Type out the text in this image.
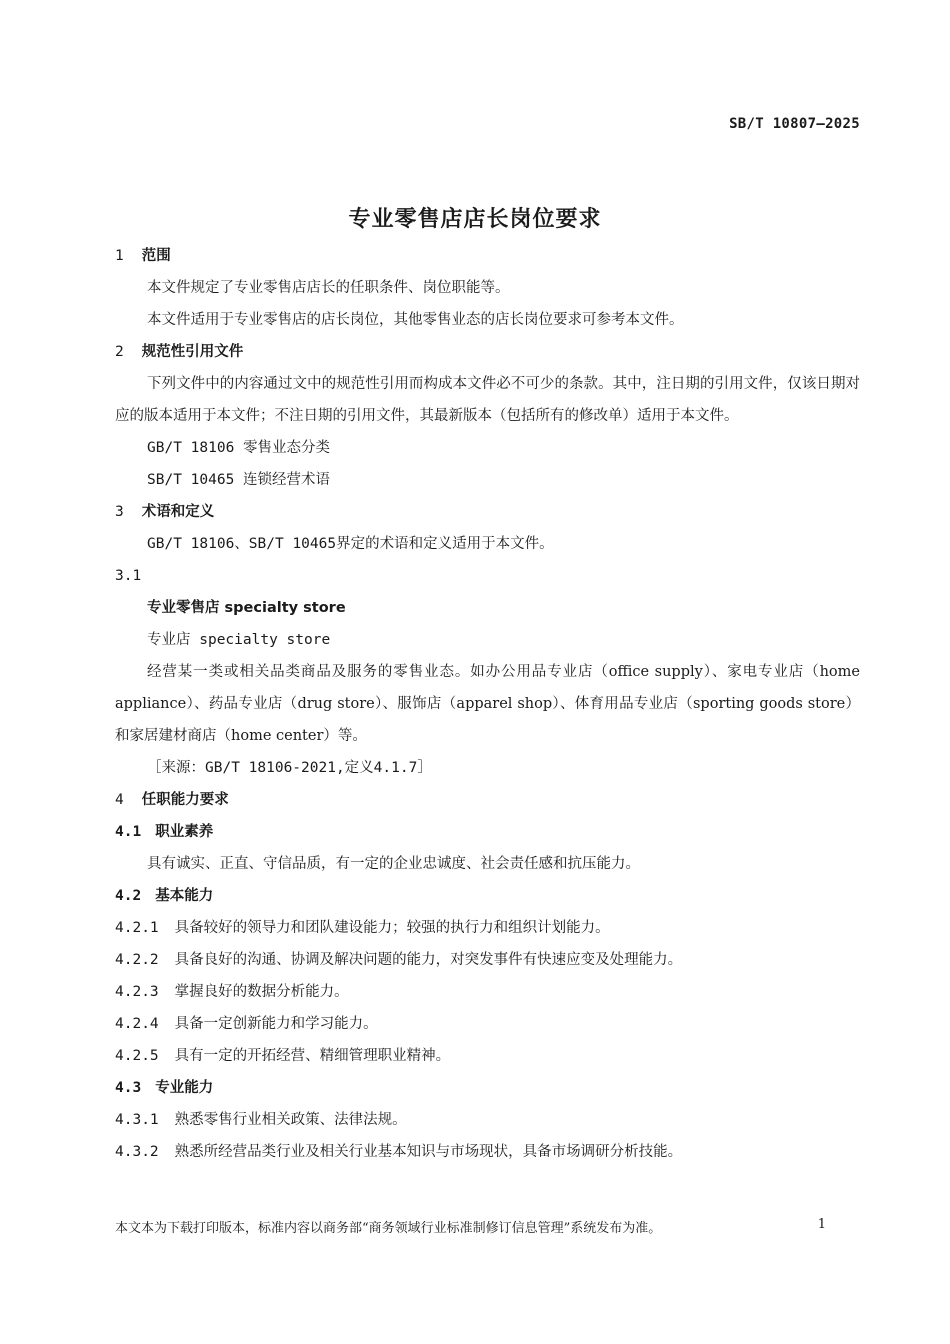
SB/T 10807—2025
专业零售店店长岗位要求
1 范围
本文件规定了专业零售店店长的任职条件、岗位职能等。
本文件适用于专业零售店的店长岗位，其他零售业态的店长岗位要求可参考本文件。
2 规范性引用文件
下列文件中的内容通过文中的规范性引用而构成本文件必不可少的条款。其中，注日期的引用文件，仅该日期对应的版本适用于本文件；不注日期的引用文件，其最新版本（包括所有的修改单）适用于本文件。
GB/T 18106 零售业态分类
SB/T 10465 连锁经营术语
3 术语和定义
GB/T 18106、SB/T 10465界定的术语和定义适用于本文件。
3.1
专业零售店 specialty store
专业店 specialty store
经营某一类或相关品类商品及服务的零售业态。如办公用品专业店（office supply）、家电专业店（home appliance）、药品专业店（drug store）、服饰店（apparel shop）、体育用品专业店（sporting goods store）和家居建材商店（home center）等。
［来源：GB/T 18106-2021,定义4.1.7］
4 任职能力要求
4.1 职业素养
具有诚实、正直、守信品质，有一定的企业忠诚度、社会责任感和抗压能力。
4.2 基本能力
4.2.1 具备较好的领导力和团队建设能力；较强的执行力和组织计划能力。
4.2.2 具备良好的沟通、协调及解决问题的能力，对突发事件有快速应变及处理能力。
4.2.3 掌握良好的数据分析能力。
4.2.4 具备一定创新能力和学习能力。
4.2.5 具有一定的开拓经营、精细管理职业精神。
4.3 专业能力
4.3.1 熟悉零售行业相关政策、法律法规。
4.3.2 熟悉所经营品类行业及相关行业基本知识与市场现状，具备市场调研分析技能。
本文本为下载打印版本，标准内容以商务部“商务领域行业标准制修订信息管理”系统发布为准。	1
